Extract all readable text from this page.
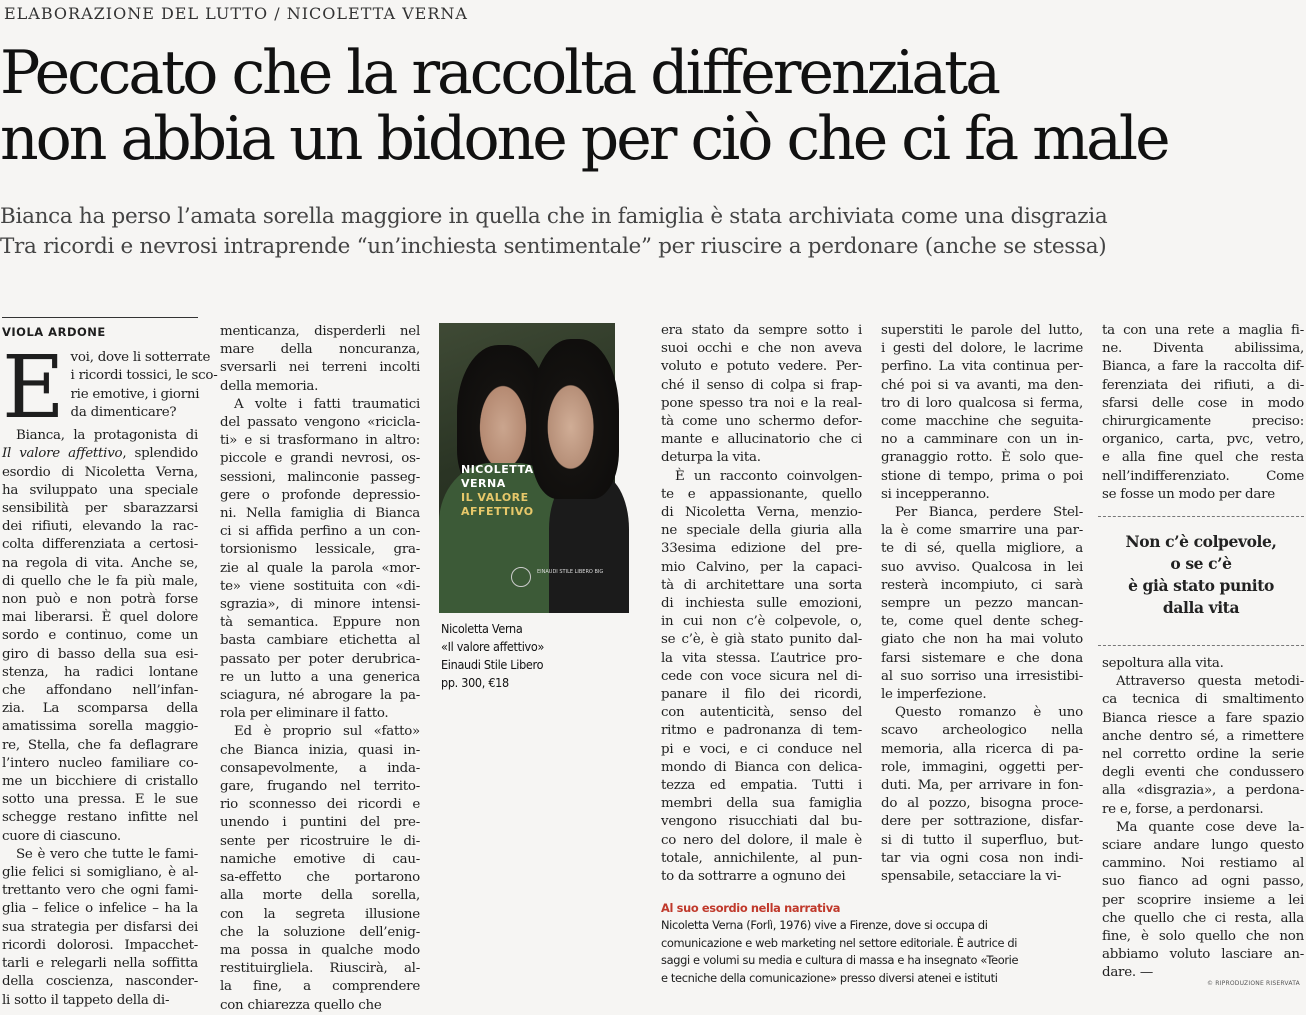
ELABORAZIONE DEL LUTTO / NICOLETTA VERNA
Peccato che la raccolta differenziata
non abbia un bidone per ciò che ci fa male
Bianca ha perso l’amata sorella maggiore in quella che in famiglia è stata archiviata come una disgrazia
Tra ricordi e nevrosi intraprende “un’inchiesta sentimentale” per riuscire a perdonare (anche se stessa)
VIOLA ARDONE
E voi, dove li sotterrate
i ricordi tossici, le sco-
rie emotive, i giorni
da dimenticare?
Bianca, la protagonista di
Il valore affettivo, splendido
esordio di Nicoletta Verna,
ha sviluppato una speciale
sensibilità per sbarazzarsi
dei rifiuti, elevando la rac-
colta differenziata a certosi-
na regola di vita. Anche se,
di quello che le fa più male,
non può e non potrà forse
mai liberarsi. È quel dolore
sordo e continuo, come un
giro di basso della sua esi-
stenza, ha radici lontane
che affondano nell’infan-
zia. La scomparsa della
amatissima sorella maggio-
re, Stella, che fa deflagrare
l’intero nucleo familiare co-
me un bicchiere di cristallo
sotto una pressa. E le sue
schegge restano infitte nel
cuore di ciascuno.
Se è vero che tutte le fami-
glie felici si somigliano, è al-
trettanto vero che ogni fami-
glia – felice o infelice – ha la
sua strategia per disfarsi dei
ricordi dolorosi. Impacchet-
tarli e relegarli nella soffitta
della coscienza, nasconder-
li sotto il tappeto della di-
menticanza, disperderli nel
mare della noncuranza,
sversarli nei terreni incolti
della memoria.
A volte i fatti traumatici
del passato vengono «ricicla-
ti» e si trasformano in altro:
piccole e grandi nevrosi, os-
sessioni, malinconie passeg-
gere o profonde depressio-
ni. Nella famiglia di Bianca
ci si affida perfino a un con-
torsionismo lessicale, gra-
zie al quale la parola «mor-
te» viene sostituita con «di-
sgrazia», di minore intensi-
tà semantica. Eppure non
basta cambiare etichetta al
passato per poter derubrica-
re un lutto a una generica
sciagura, né abrogare la pa-
rola per eliminare il fatto.
Ed è proprio sul «fatto»
che Bianca inizia, quasi in-
consapevolmente, a inda-
gare, frugando nel territo-
rio sconnesso dei ricordi e
unendo i puntini del pre-
sente per ricostruire le di-
namiche emotive di cau-
sa-effetto che portarono
alla morte della sorella,
con la segreta illusione
che la soluzione dell’enig-
ma possa in qualche modo
restituirgliela. Riuscirà, al-
la fine, a comprendere
con chiarezza quello che
NICOLETTA VERNA
IL VALORE AFFETTIVO
EINAUDI STILE LIBERO BIG
Nicoletta Verna
«Il valore affettivo»
Einaudi Stile Libero
pp. 300, €18
era stato da sempre sotto i
suoi occhi e che non aveva
voluto e potuto vedere. Per-
ché il senso di colpa si frap-
pone spesso tra noi e la real-
tà come uno schermo defor-
mante e allucinatorio che ci
deturpa la vita.
È un racconto coinvolgen-
te e appassionante, quello
di Nicoletta Verna, menzio-
ne speciale della giuria alla
33esima edizione del pre-
mio Calvino, per la capaci-
tà di architettare una sorta
di inchiesta sulle emozioni,
in cui non c’è colpevole, o,
se c’è, è già stato punito dal-
la vita stessa. L’autrice pro-
cede con voce sicura nel di-
panare il filo dei ricordi,
con autenticità, senso del
ritmo e padronanza di tem-
pi e voci, e ci conduce nel
mondo di Bianca con delica-
tezza ed empatia. Tutti i
membri della sua famiglia
vengono risucchiati dal bu-
co nero del dolore, il male è
totale, annichilente, al pun-
to da sottrarre a ognuno dei
superstiti le parole del lutto,
i gesti del dolore, le lacrime
perfino. La vita continua per-
ché poi si va avanti, ma den-
tro di loro qualcosa si ferma,
come macchine che seguita-
no a camminare con un in-
granaggio rotto. È solo que-
stione di tempo, prima o poi
si incepperanno.
Per Bianca, perdere Stel-
la è come smarrire una par-
te di sé, quella migliore, a
suo avviso. Qualcosa in lei
resterà incompiuto, ci sarà
sempre un pezzo mancan-
te, come quel dente scheg-
giato che non ha mai voluto
farsi sistemare e che dona
al suo sorriso una irresistibi-
le imperfezione.
Questo romanzo è uno
scavo archeologico nella
memoria, alla ricerca di pa-
role, immagini, oggetti per-
duti. Ma, per arrivare in fon-
do al pozzo, bisogna proce-
dere per sottrazione, disfar-
si di tutto il superfluo, but-
tar via ogni cosa non indi-
spensabile, setacciare la vi-
ta con una rete a maglia fi-
ne. Diventa abilissima,
Bianca, a fare la raccolta dif-
ferenziata dei rifiuti, a di-
sfarsi delle cose in modo
chirurgicamente preciso:
organico, carta, pvc, vetro,
e alla fine quel che resta
nell’indifferenziato. Come
se fosse un modo per dare
Non c’è colpevole,
o se c’è
è già stato punito
dalla vita
sepoltura alla vita.
Attraverso questa metodi-
ca tecnica di smaltimento
Bianca riesce a fare spazio
anche dentro sé, a rimettere
nel corretto ordine la serie
degli eventi che condussero
alla «disgrazia», a perdona-
re e, forse, a perdonarsi.
Ma quante cose deve la-
sciare andare lungo questo
cammino. Noi restiamo al
suo fianco ad ogni passo,
per scoprire insieme a lei
che quello che ci resta, alla
fine, è solo quello che non
abbiamo voluto lasciare an-
dare. —
Al suo esordio nella narrativa
Nicoletta Verna (Forlì, 1976) vive a Firenze, dove si occupa di
comunicazione e web marketing nel settore editoriale. È autrice di
saggi e volumi su media e cultura di massa e ha insegnato «Teorie
e tecniche della comunicazione» presso diversi atenei e istituti	© RIPRODUZIONE RISERVATA
